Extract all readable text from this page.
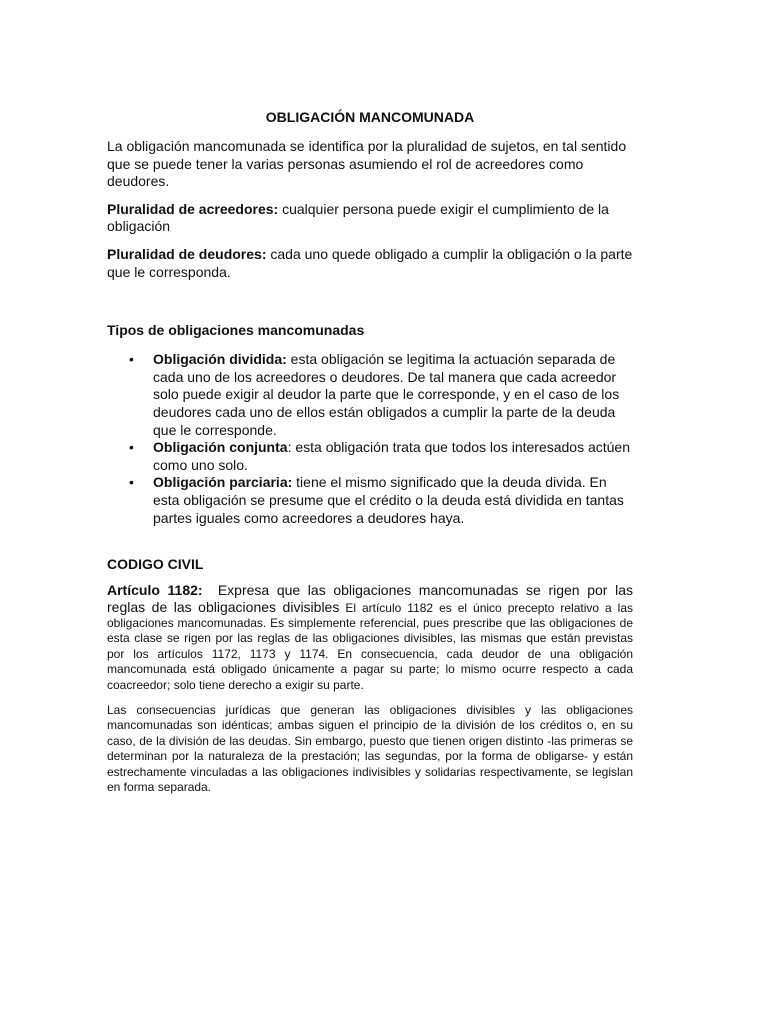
OBLIGACIÓN MANCOMUNADA

La obligación mancomunada se identifica por la pluralidad de sujetos, en tal sentido que se puede tener la varias personas asumiendo el rol de acreedores como deudores.

Pluralidad de acreedores: cualquier persona puede exigir el cumplimiento de la obligación

Pluralidad de deudores: cada uno quede obligado a cumplir la obligación o la parte que le corresponda.

Tipos de obligaciones mancomunadas
• Obligación dividida: esta obligación se legitima la actuación separada de cada uno de los acreedores o deudores. De tal manera que cada acreedor solo puede exigir al deudor la parte que le corresponde, y en el caso de los deudores cada uno de ellos están obligados a cumplir la parte de la deuda que le corresponde.
• Obligación conjunta: esta obligación trata que todos los interesados actúen como uno solo.
• Obligación parciaria: tiene el mismo significado que la deuda divida. En esta obligación se presume que el crédito o la deuda está dividida en tantas partes iguales como acreedores a deudores haya.
CODIGO CIVIL

Artículo 1182:  Expresa que las obligaciones mancomunadas se rigen por las reglas de las obligaciones divisibles El artículo 1182 es el único precepto relativo a las obligaciones mancomunadas. Es simplemente referencial, pues prescribe que las obligaciones de esta clase se rigen por las reglas de las obligaciones divisibles, las mismas que están previstas por los artículos 1172, 1173 y 1174. En consecuencia, cada deudor de una obligación mancomunada está obligado únicamente a pagar su parte; lo mismo ocurre respecto a cada coacreedor; solo tiene derecho a exigir su parte.

Las consecuencias jurídicas que generan las obligaciones divisibles y las obligaciones mancomunadas son idénticas; ambas siguen el principio de la división de los créditos o, en su caso, de la división de las deudas. Sin embargo, puesto que tienen origen distinto -las primeras se determinan por la naturaleza de la prestación; las segundas, por la forma de obligarse- y están estrechamente vinculadas a las obligaciones indivisibles y solidarias respectivamente, se legislan en forma separada.
